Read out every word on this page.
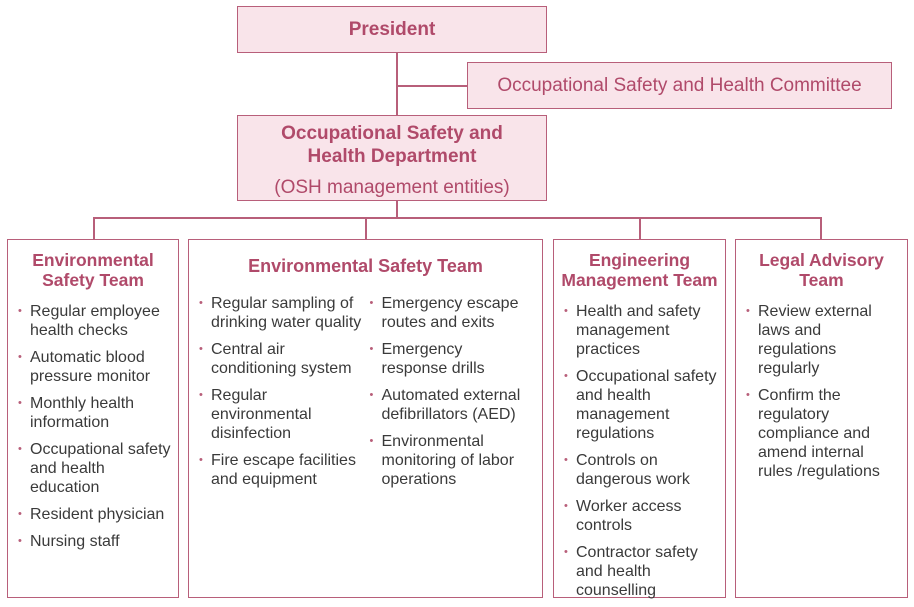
President
Occupational Safety and Health Committee
Occupational Safety and Health Department
(OSH management entities)
Environmental Safety Team
• Regular employee health checks
• Automatic blood pressure monitor
• Monthly health information
• Occupational safety and health education
• Resident physician
• Nursing staff
Environmental Safety Team
• Regular sampling of drinking water quality
• Central air conditioning system
• Regular environmental disinfection
• Fire escape facilities and equipment
• Emergency escape routes and exits
• Emergency response drills
• Automated external defibrillators (AED)
• Environmental monitoring of labor operations
Engineering Management Team
• Health and safety management practices
• Occupational safety and health management regulations
• Controls on dangerous work
• Worker access controls
• Contractor safety and health counselling
Legal Advisory Team
• Review external laws and regulations regularly
• Confirm the regulatory compliance and amend internal rules /regulations
